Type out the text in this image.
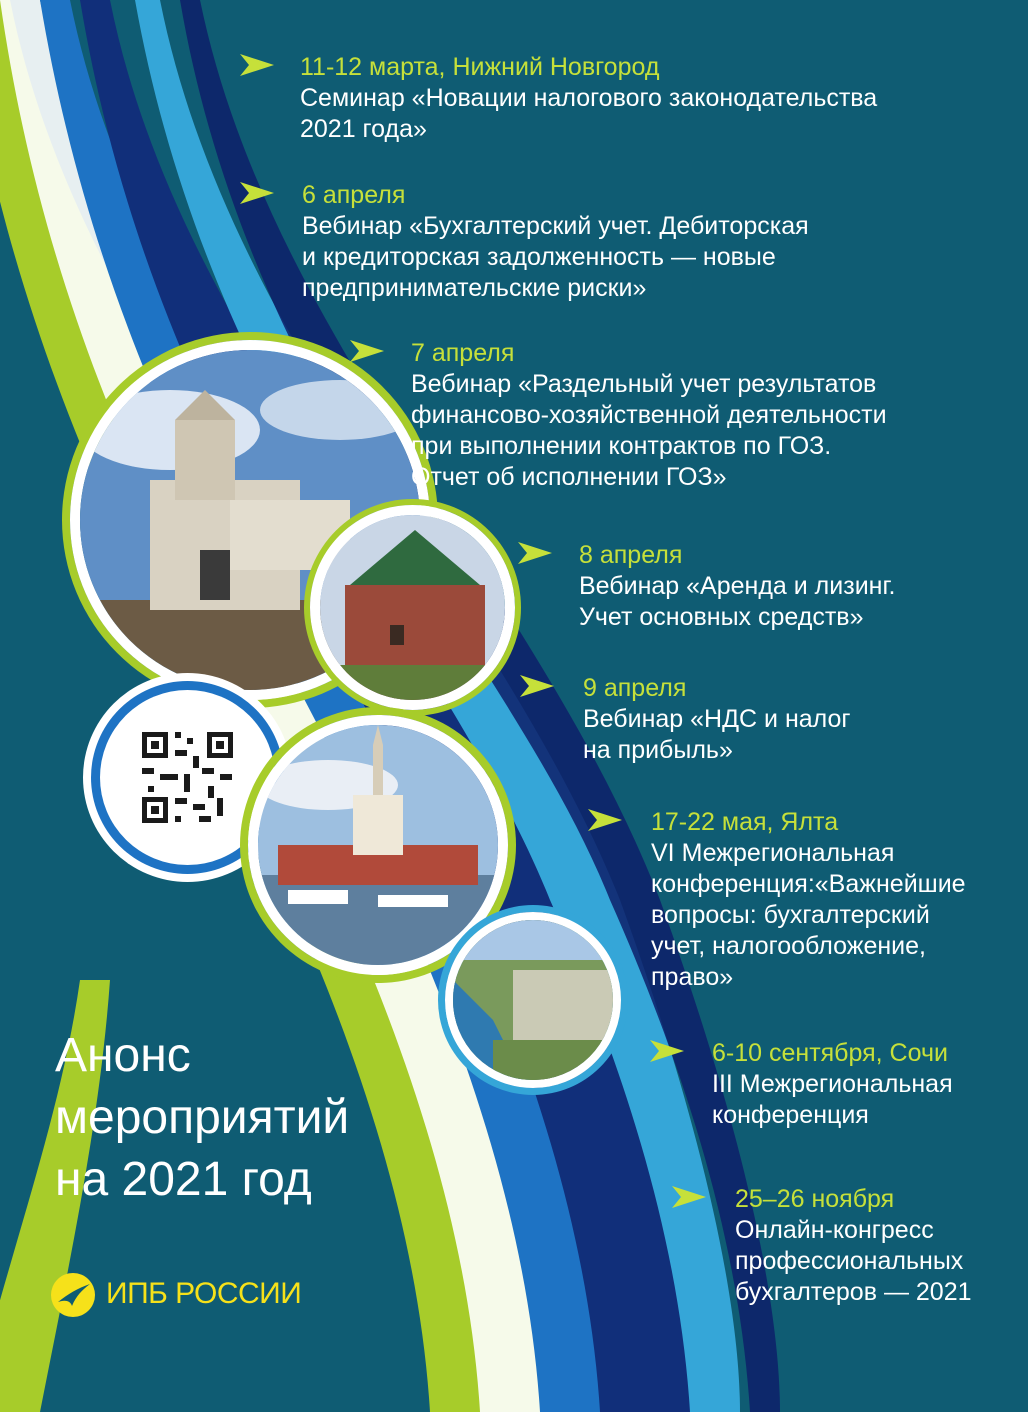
11-12 марта, Нижний Новгород
Семинар «Новации налогового законодательства
2021 года»
6 апреля
Вебинар «Бухгалтерский учет. Дебиторская
и кредиторская задолженность — новые
предпринимательские риски»
7 апреля
Вебинар «Раздельный учет результатов
финансово-хозяйственной деятельности
при выполнении контрактов по ГОЗ.
Отчет об исполнении ГОЗ»
8 апреля
Вебинар «Аренда и лизинг.
Учет основных средств»
9 апреля
Вебинар «НДС и налог
на прибыль»
17-22 мая, Ялта
VI Межрегиональная
конференция:«Важнейшие
вопросы: бухгалтерский
учет, налогообложение,
право»
6-10 сентября, Сочи
III Межрегиональная
конференция
25–26 ноября
Онлайн-конгресс
профессиональных
бухгалтеров — 2021
Анонс
мероприятий
на 2021 год
ИПБ РОССИИ
